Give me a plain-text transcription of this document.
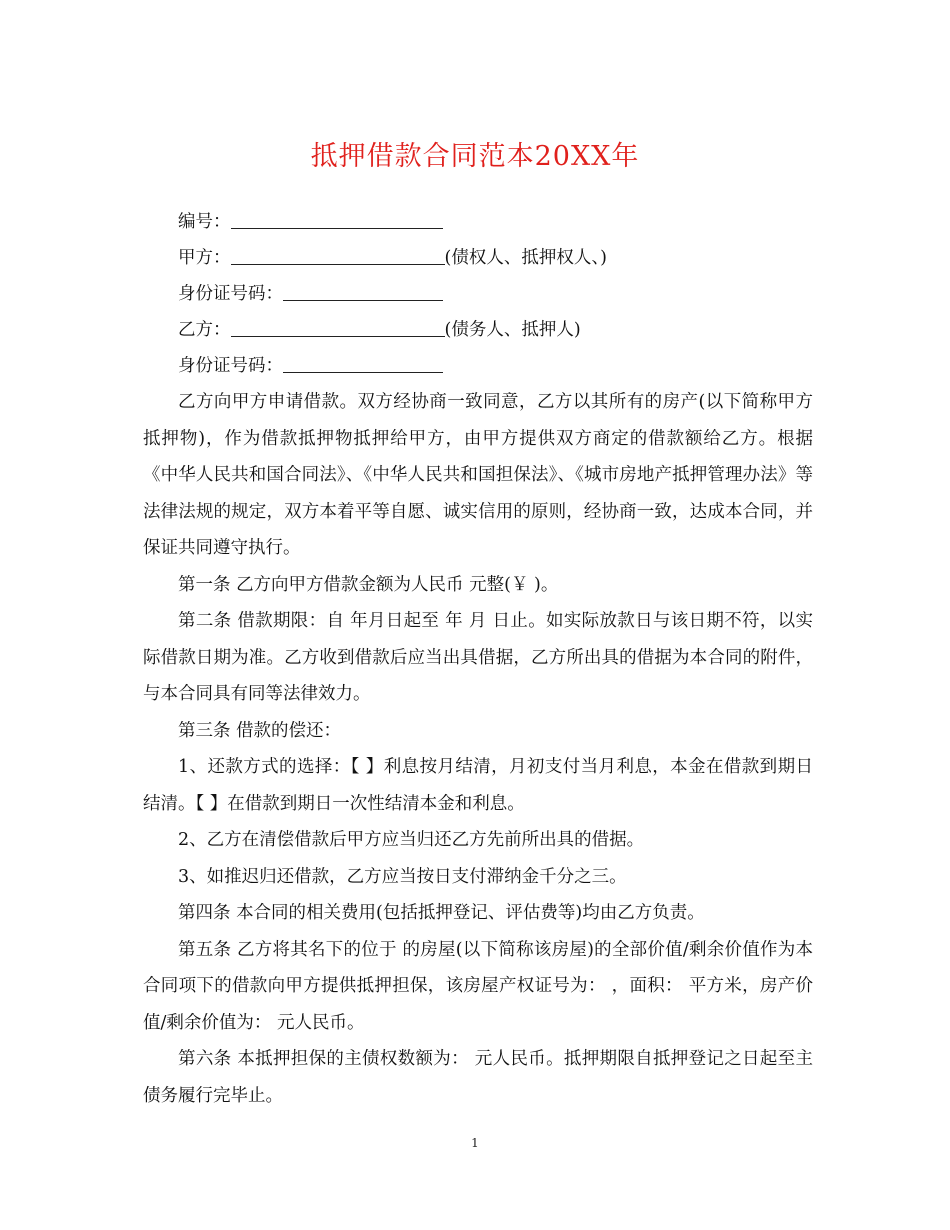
抵押借款合同范本20XX年
编号：
甲方：	(债权人、抵押权人、)
身份证号码：
乙方：	(债务人、抵押人)
身份证号码：
乙方向甲方申请借款。双方经协商一致同意，乙方以其所有的房产(以下简称甲方抵押物)，作为借款抵押物抵押给甲方，由甲方提供双方商定的借款额给乙方。根据《中华人民共和国合同法》、《中华人民共和国担保法》、《城市房地产抵押管理办法》等法律法规的规定，双方本着平等自愿、诚实信用的原则，经协商一致，达成本合同，并保证共同遵守执行。
第一条 乙方向甲方借款金额为人民币 元整(￥ )。
第二条 借款期限：自 年月日起至 年 月 日止。如实际放款日与该日期不符，以实际借款日期为准。乙方收到借款后应当出具借据，乙方所出具的借据为本合同的附件，与本合同具有同等法律效力。
第三条 借款的偿还：
1、还款方式的选择：【 】利息按月结清，月初支付当月利息，本金在借款到期日结清。【 】在借款到期日一次性结清本金和利息。
2、乙方在清偿借款后甲方应当归还乙方先前所出具的借据。
3、如推迟归还借款，乙方应当按日支付滞纳金千分之三。
第四条 本合同的相关费用(包括抵押登记、评估费等)均由乙方负责。
第五条 乙方将其名下的位于 的房屋(以下简称该房屋)的全部价值/剩余价值作为本合同项下的借款向甲方提供抵押担保，该房屋产权证号为： ，面积： 平方米，房产价值/剩余价值为： 元人民币。
第六条 本抵押担保的主债权数额为： 元人民币。抵押期限自抵押登记之日起至主债务履行完毕止。
1
